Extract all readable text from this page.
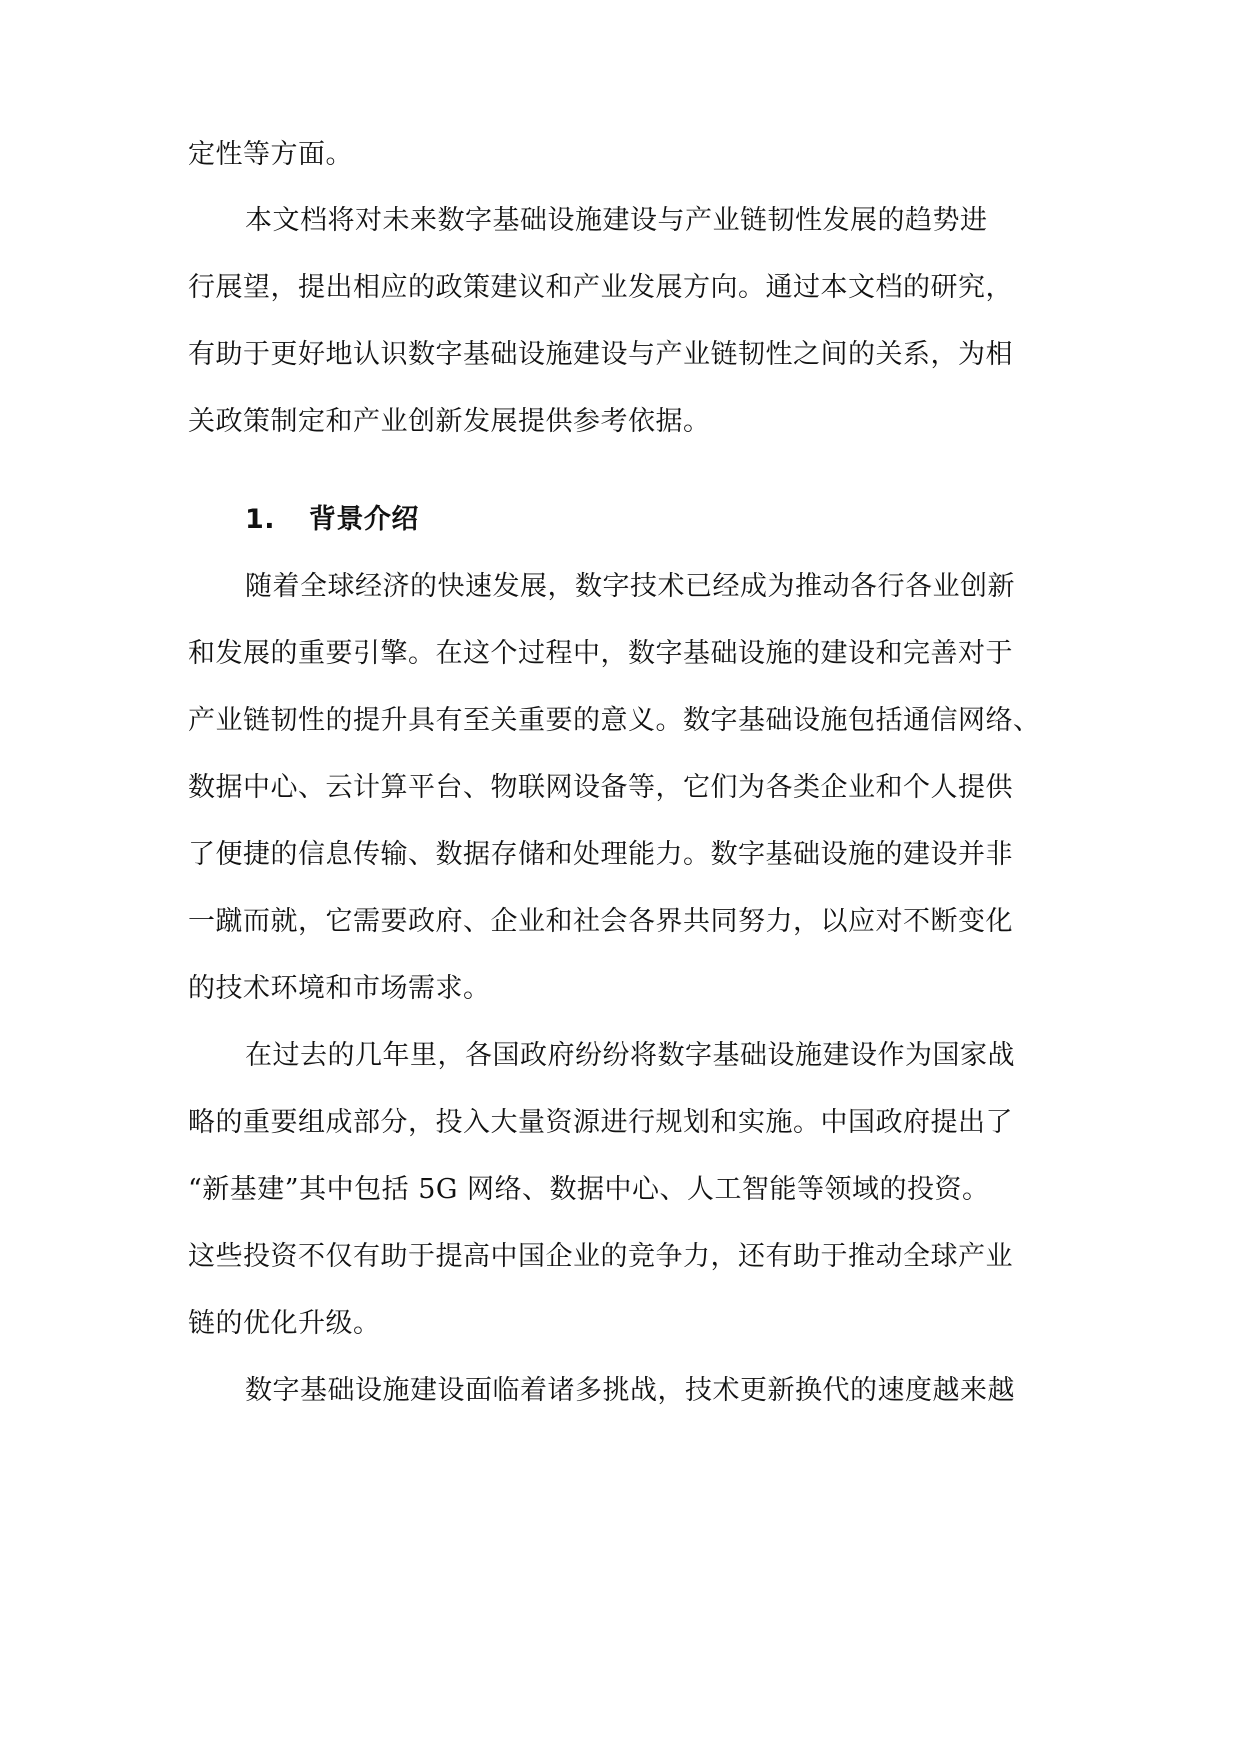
定性等方面。
本文档将对未来数字基础设施建设与产业链韧性发展的趋势进
行展望，提出相应的政策建议和产业发展方向。通过本文档的研究，
有助于更好地认识数字基础设施建设与产业链韧性之间的关系，为相
关政策制定和产业创新发展提供参考依据。
1. 背景介绍
随着全球经济的快速发展，数字技术已经成为推动各行各业创新
和发展的重要引擎。在这个过程中，数字基础设施的建设和完善对于
产业链韧性的提升具有至关重要的意义。数字基础设施包括通信网络、
数据中心、云计算平台、物联网设备等，它们为各类企业和个人提供
了便捷的信息传输、数据存储和处理能力。数字基础设施的建设并非
一蹴而就，它需要政府、企业和社会各界共同努力，以应对不断变化
的技术环境和市场需求。
在过去的几年里，各国政府纷纷将数字基础设施建设作为国家战
略的重要组成部分，投入大量资源进行规划和实施。中国政府提出了
“新基建”其中包括 5G 网络、数据中心、人工智能等领域的投资。
这些投资不仅有助于提高中国企业的竞争力，还有助于推动全球产业
链的优化升级。
数字基础设施建设面临着诸多挑战，技术更新换代的速度越来越
